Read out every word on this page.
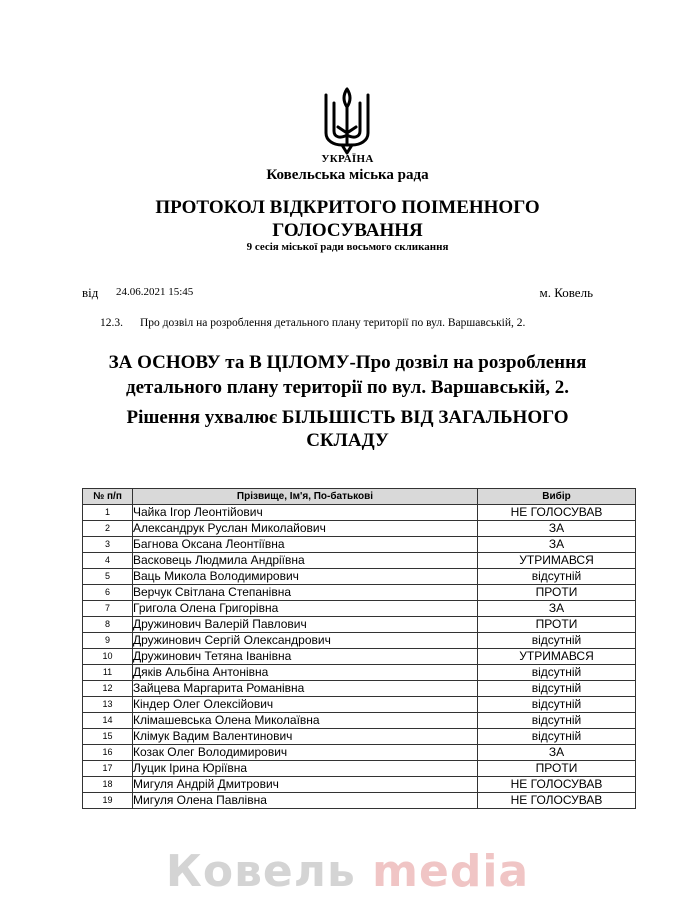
УКРАЇНА
Ковельська міська рада
ПРОТОКОЛ ВІДКРИТОГО ПОІМЕННОГО
ГОЛОСУВАННЯ
9 сесія міської ради восьмого скликання
від 24.06.2021 15:45	м. Ковель
12.3. Про дозвіл на розроблення детального плану території по вул. Варшавській, 2.
ЗА ОСНОВУ та В ЦІЛОМУ-Про дозвіл на розроблення
детального плану території по вул. Варшавській, 2.
Рішення ухвалює БІЛЬШІСТЬ ВІД ЗАГАЛЬНОГО
СКЛАДУ
№ п/п	Прізвище, Ім'я, По-батькові	Вибір
1	Чайка Ігор Леонтійович	НЕ ГОЛОСУВАВ
2	Александрук Руслан Миколайович	ЗА
3	Багнова Оксана Леонтіївна	ЗА
4	Васковець Людмила Андріївна	УТРИМАВСЯ
5	Ваць Микола Володимирович	відсутній
6	Верчук Світлана Степанівна	ПРОТИ
7	Григола Олена Григорівна	ЗА
8	Дружинович Валерій Павлович	ПРОТИ
9	Дружинович Сергій Олександрович	відсутній
10	Дружинович Тетяна Іванівна	УТРИМАВСЯ
11	Дяків Альбіна Антонівна	відсутній
12	Зайцева Маргарита Романівна	відсутній
13	Кіндер Олег Олексійович	відсутній
14	Клімашевська Олена Миколаївна	відсутній
15	Клімук Вадим Валентинович	відсутній
16	Козак Олег Володимирович	ЗА
17	Луцик Ірина Юріївна	ПРОТИ
18	Мигуля Андрій Дмитрович	НЕ ГОЛОСУВАВ
19	Мигуля Олена Павлівна	НЕ ГОЛОСУВАВ
Ковель media
